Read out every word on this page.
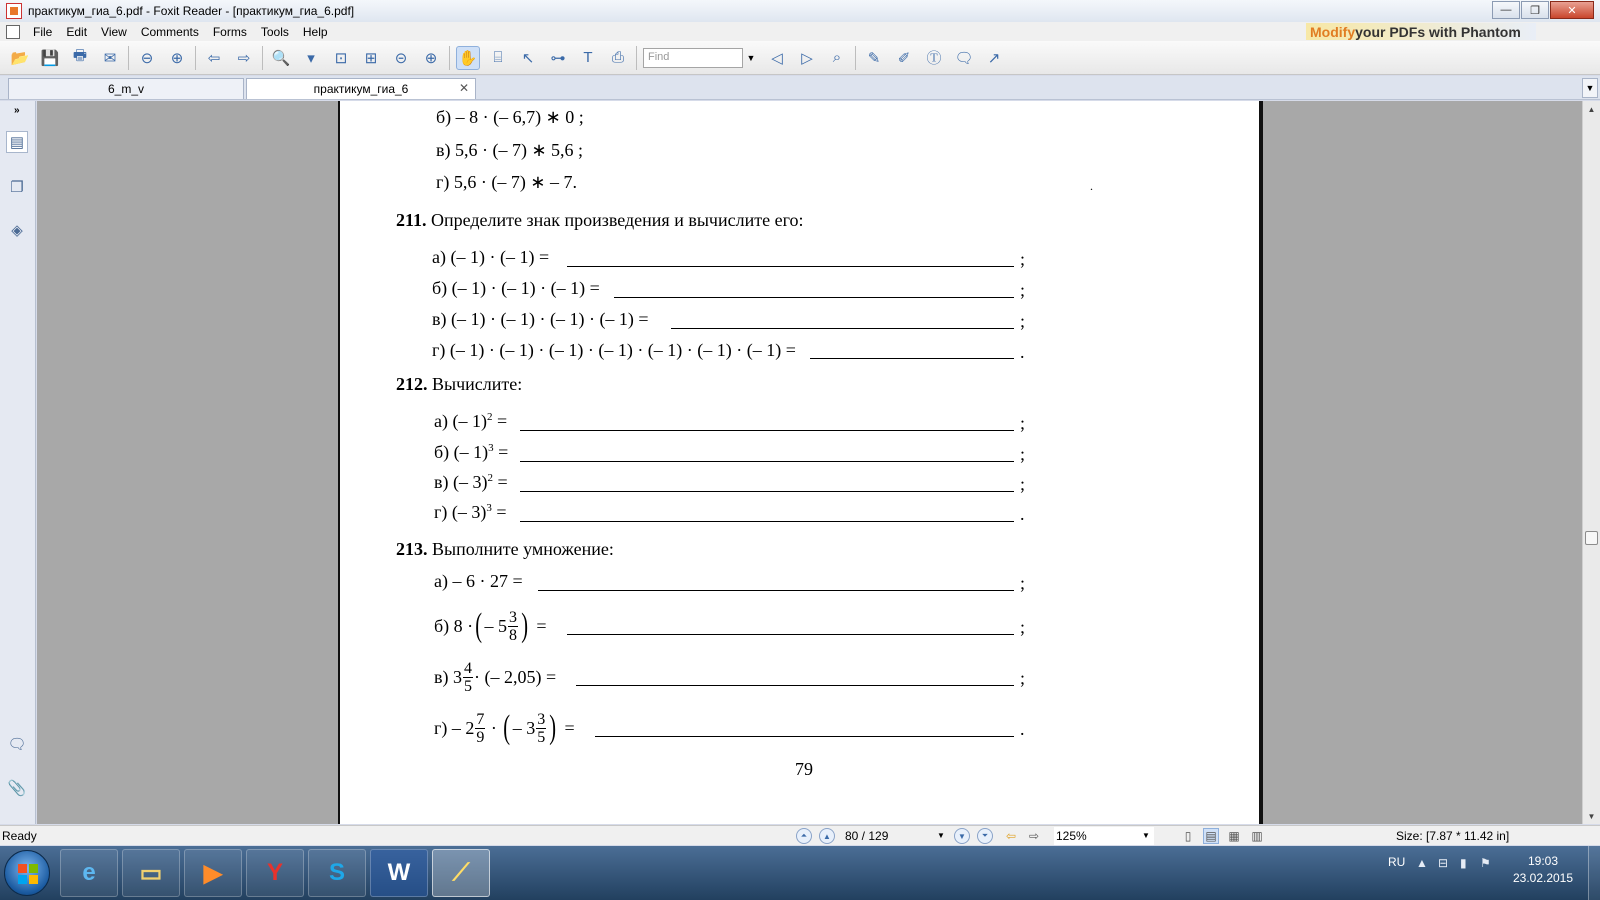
практикум_гиа_6.pdf - Foxit Reader - [практикум_гиа_6.pdf]	—	❐	✕
File	Edit	View	Comments	Forms	Tools	Help	Modify your PDFs with Phantom
📂 💾 🖶	✉	⊖	⊕	⇦	⇨	🔍	▾	⊡	⊞	⊝	⊕	✋	⌸	↖	⊶	T	⎙	Find	▼	◁	▷	⌕	✎	✐	Ⓣ 🗨 ↗
6_m_v	практикум_гиа_6	✕	▼
»
▤
❐
◈
🗨
📎
б) – 8 · (– 6,7) ∗ 0 ;
в) 5,6 · (– 7) ∗ 5,6 ;
г) 5,6 · (– 7) ∗ – 7.	.
211. Определите знак произведения и вычислите его:
а) (– 1) · (– 1) =	;
б) (– 1) · (– 1) · (– 1) =	;
в) (– 1) · (– 1) · (– 1) · (– 1) =	;
г) (– 1) · (– 1) · (– 1) · (– 1) · (– 1) · (– 1) · (– 1) =	.
212. Вычислите:
а) (– 1)$^2$ =	;
б) (– 1)$^3$ =	;
в) (– 3)$^2$ =	;
г) (– 3)$^3$ =	.
213. Выполните умножение:
а) – 6 · 27 =	;
б) 8 · ( – $5 \frac{3}{8}$ ) =	;
в) $3 \frac{4}{5}$ · (– 2,05) =	;
$г) - 2 \frac{7}{9}$ · ( – $3 \frac{3}{5}$ ) =	.
79
▲
▼
Ready	⏶	▲	80 / 129	▼	▼	⏷	⇦ ⇨ 125%	▼	▯	▤ ▦ ▥	Size: [7.87 * 11.42 in]
e	▭	▶	Y	S	W	⟋	RU ▲ ⊟ ▮ ⚑	19:03
23.02.2015
